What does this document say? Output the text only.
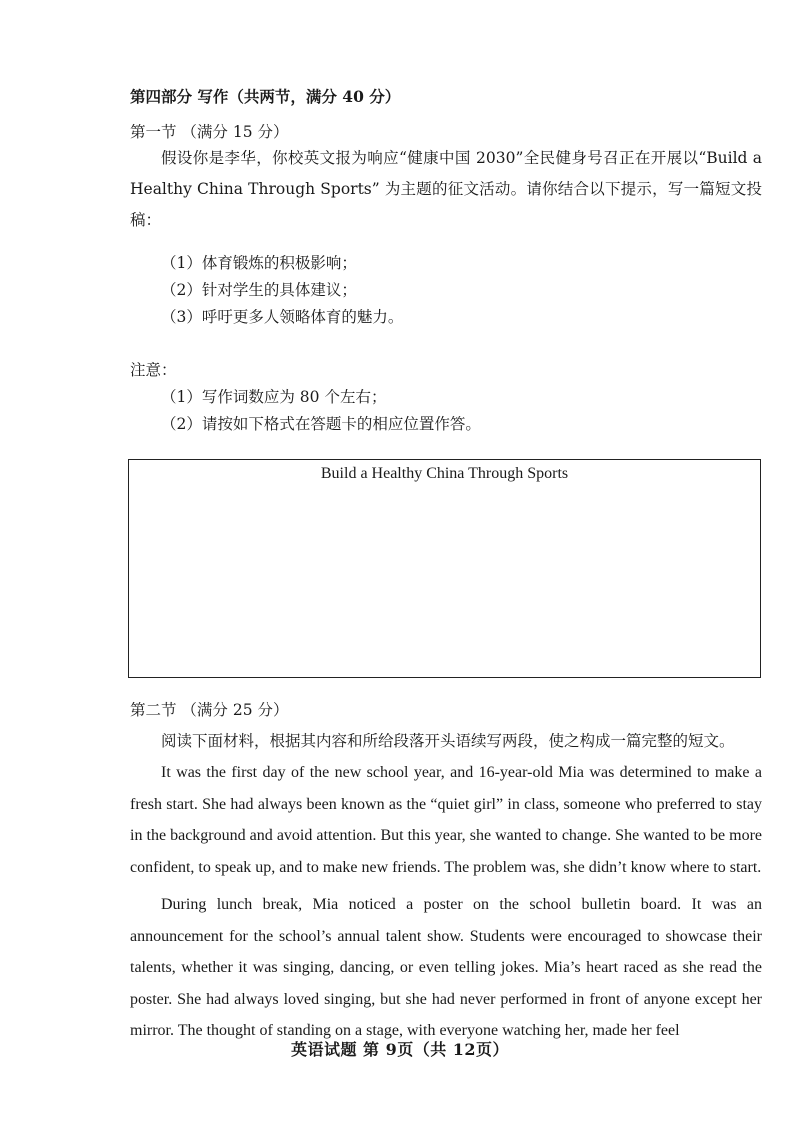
第四部分 写作（共两节，满分 40 分）
第一节 （满分 15 分）
假设你是李华，你校英文报为响应“健康中国 2030”全民健身号召正在开展以“Build a Healthy China Through Sports” 为主题的征文活动。请你结合以下提示，写一篇短文投稿：
（1）体育锻炼的积极影响；
（2）针对学生的具体建议；
（3）呼吁更多人领略体育的魅力。
注意：
（1）写作词数应为 80 个左右；
（2）请按如下格式在答题卡的相应位置作答。
Build a Healthy China Through Sports
第二节 （满分 25 分）
阅读下面材料，根据其内容和所给段落开头语续写两段，使之构成一篇完整的短文。
It was the first day of the new school year, and 16-year-old Mia was determined to make a fresh start. She had always been known as the “quiet girl” in class, someone who preferred to stay in the background and avoid attention. But this year, she wanted to change. She wanted to be more confident, to speak up, and to make new friends. The problem was, she didn’t know where to start.
During lunch break, Mia noticed a poster on the school bulletin board. It was an announcement for the school’s annual talent show. Students were encouraged to showcase their talents, whether it was singing, dancing, or even telling jokes. Mia’s heart raced as she read the poster. She had always loved singing, but she had never performed in front of anyone except her mirror. The thought of standing on a stage, with everyone watching her, made her feel
英语试题 第 9页（共 12页）
